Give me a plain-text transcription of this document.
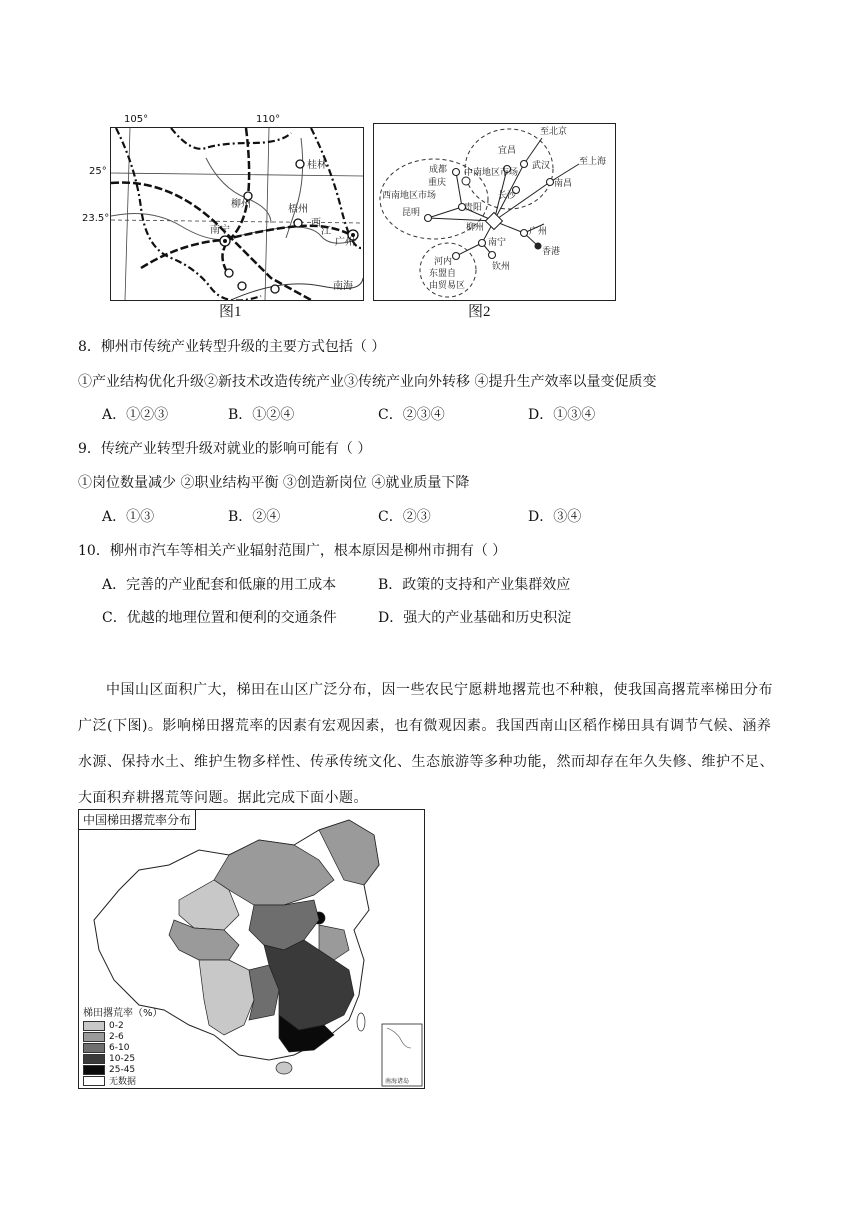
桂林
柳州	梧州
南宁
西
江
广州
南海
105°	110°
25°
23.5°
图1
至北京
至上海
宜昌
武汉
南昌
长沙
中南地区市场
成都
重庆
西南地区市场
贵阳
昆明
柳州	广州
南宁
香港
钦州
河内
东盟自
由贸易区
图2
8．柳州市传统产业转型升级的主要方式包括（ ）
①产业结构优化升级②新技术改造传统产业③传统产业向外转移 ④提升生产效率以量变促质变
A．①②③	B．①②④	C．②③④	D．①③④
9．传统产业转型升级对就业的影响可能有（ ）
①岗位数量减少 ②职业结构平衡 ③创造新岗位 ④就业质量下降
A．①③	B．②④	C．②③	D．③④
10．柳州市汽车等相关产业辐射范围广，根本原因是柳州市拥有（ ）
A．完善的产业配套和低廉的用工成本	B．政策的支持和产业集群效应
C．优越的地理位置和便利的交通条件	D．强大的产业基础和历史积淀
中国山区面积广大，梯田在山区广泛分布，因一些农民宁愿耕地撂荒也不种粮，使我国高撂荒率梯田分布广泛(下图)。影响梯田撂荒率的因素有宏观因素，也有微观因素。我国西南山区稻作梯田具有调节气候、涵养水源、保持水土、维护生物多样性、传承传统文化、生态旅游等多种功能，然而却存在年久失修、维护不足、大面积弃耕撂荒等问题。据此完成下面小题。
南海诸岛
中国梯田撂荒率分布
梯田撂荒率（%）
0-2
2-6
6-10
10-25
25-45
无数据
